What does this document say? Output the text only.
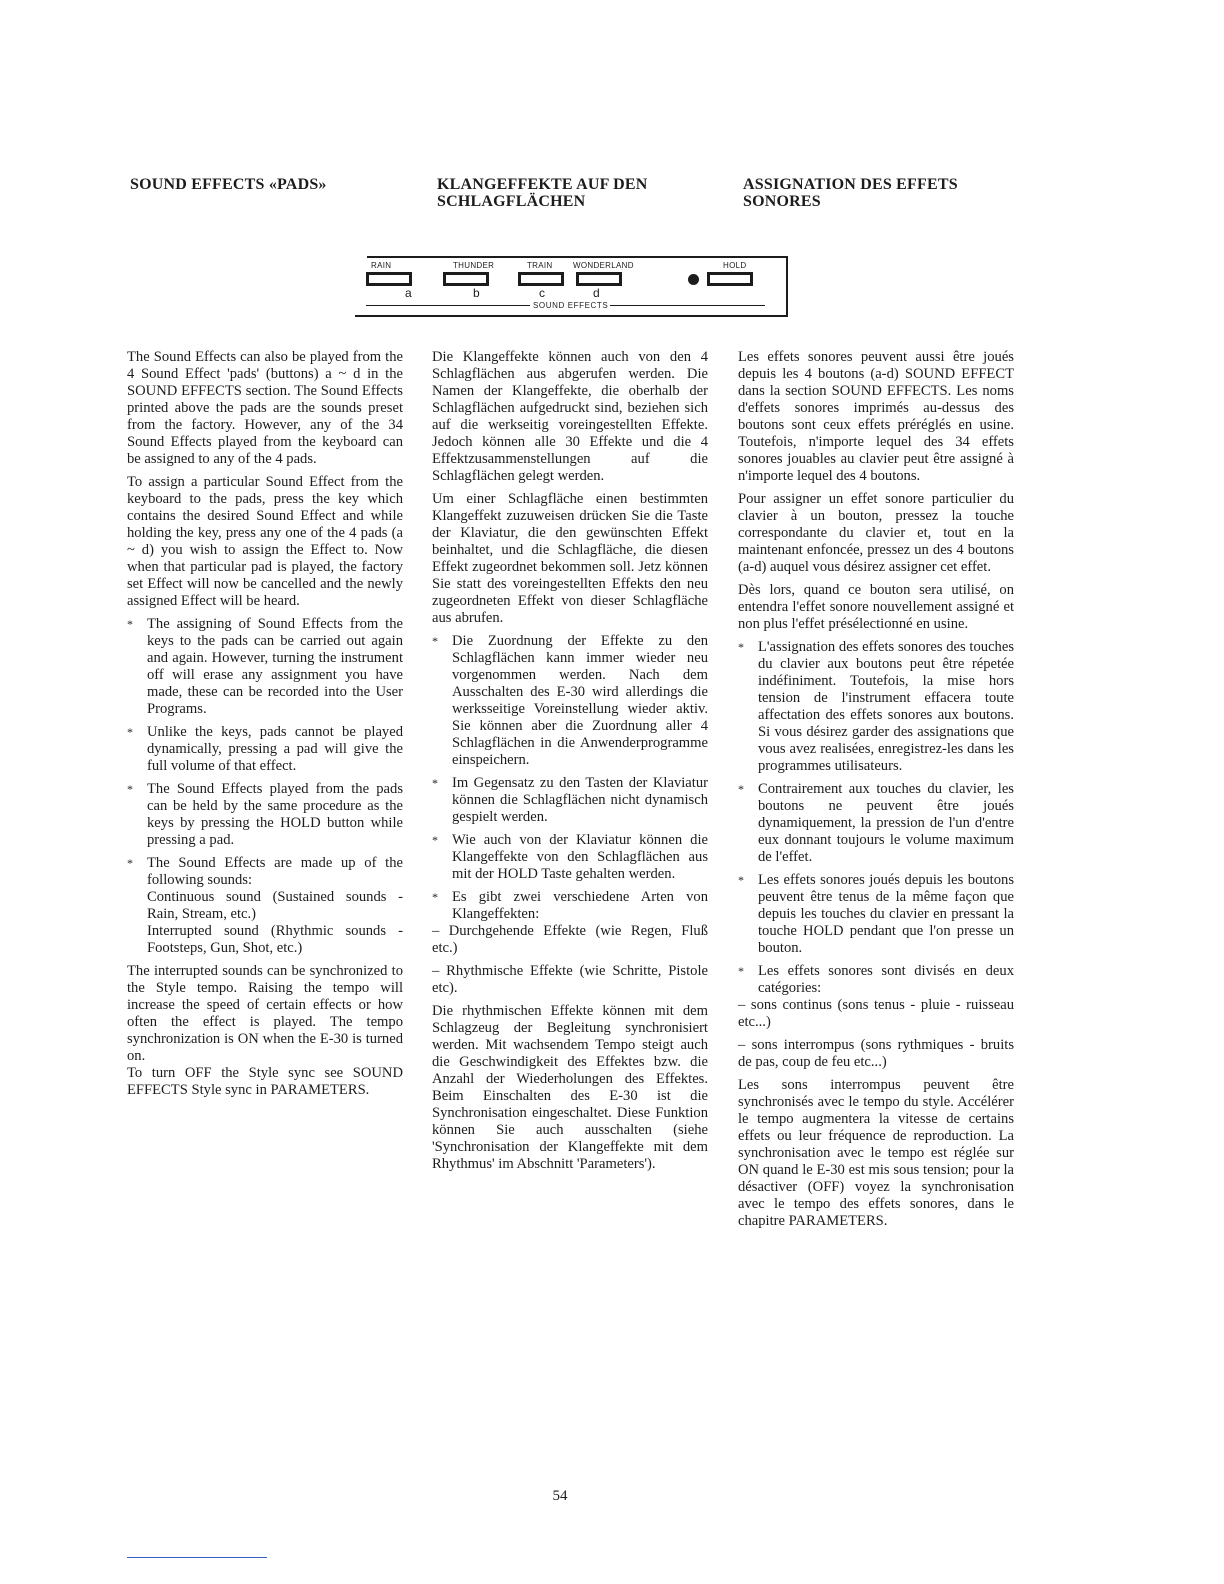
SOUND EFFECTS «PADS»	KLANGEFFEKTE AUF DEN
SCHLAGFLÄCHEN
ASSIGNATION DES EFFETS
SONORES
RAIN	THUNDER	TRAIN	WONDERLAND	HOLD
a	b	c	d
SOUND EFFECTS

The Sound Effects can also be played from the 4 Sound Effect 'pads' (buttons) a ~ d in the SOUND EFFECTS section. The Sound Effects printed above the pads are the sounds preset from the factory. However, any of the 34 Sound Effects played from the keyboard can be assigned to any of the 4 pads.

To assign a particular Sound Effect from the keyboard to the pads, press the key which contains the desired Sound Effect and while holding the key, press any one of the 4 pads (a ~ d) you wish to assign the Effect to. Now when that particular pad is played, the factory set Effect will now be cancelled and the newly assigned Effect will be heard.

* The assigning of Sound Effects from the keys to the pads can be carried out again and again. However, turning the instrument off will erase any assignment you have made, these can be recorded into the User Programs.
* Unlike the keys, pads cannot be played dynamically, pressing a pad will give the full volume of that effect.
* The Sound Effects played from the pads can be held by the same procedure as the keys by pressing the HOLD button while pressing a pad.
* The Sound Effects are made up of the following sounds:
Continuous sound (Sustained sounds - Rain, Stream, etc.)
Interrupted sound (Rhythmic sounds - Footsteps, Gun, Shot, etc.)

The interrupted sounds can be synchronized to the Style tempo. Raising the tempo will increase the speed of certain effects or how often the effect is played. The tempo synchronization is ON when the E-30 is turned on.

To turn OFF the Style sync see SOUND EFFECTS Style sync in PARAMETERS.

Die Klangeffekte können auch von den 4 Schlagflächen aus abgerufen werden. Die Namen der Klangeffekte, die oberhalb der Schlagflächen aufgedruckt sind, beziehen sich auf die werkseitig voreingestellten Effekte. Jedoch können alle 30 Effekte und die 4 Effektzusammenstellungen auf die Schlagflächen gelegt werden.

Um einer Schlagfläche einen bestimmten Klangeffekt zuzuweisen drücken Sie die Taste der Klaviatur, die den gewünschten Effekt beinhaltet, und die Schlagfläche, die diesen Effekt zugeordnet bekommen soll. Jetz können Sie statt des voreingestellten Effekts den neu zugeordneten Effekt von dieser Schlagfläche aus abrufen.

* Die Zuordnung der Effekte zu den Schlagflächen kann immer wieder neu vorgenommen werden. Nach dem Ausschalten des E-30 wird allerdings die werksseitige Voreinstellung wieder aktiv. Sie können aber die Zuordnung aller 4 Schlagflächen in die Anwenderprogramme einspeichern.
* Im Gegensatz zu den Tasten der Klaviatur können die Schlagflächen nicht dynamisch gespielt werden.
* Wie auch von der Klaviatur können die Klangeffekte von den Schlagflächen aus mit der HOLD Taste gehalten werden.
* Es gibt zwei verschiedene Arten von Klangeffekten:

– Durchgehende Effekte (wie Regen, Fluß etc.)

– Rhythmische Effekte (wie Schritte, Pistole etc).

Die rhythmischen Effekte können mit dem Schlagzeug der Begleitung synchronisiert werden. Mit wachsendem Tempo steigt auch die Geschwindigkeit des Effektes bzw. die Anzahl der Wiederholungen des Effektes. Beim Einschalten des E-30 ist die Synchronisation eingeschaltet. Diese Funktion können Sie auch ausschalten (siehe 'Synchronisation der Klangeffekte mit dem Rhythmus' im Abschnitt 'Parameters').

Les effets sonores peuvent aussi être joués depuis les 4 boutons (a-d) SOUND EFFECT dans la section SOUND EFFECTS. Les noms d'effets sonores imprimés au-dessus des boutons sont ceux effets préréglés en usine. Toutefois, n'importe lequel des 34 effets sonores jouables au clavier peut être assigné à n'importe lequel des 4 boutons.

Pour assigner un effet sonore particulier du clavier à un bouton, pressez la touche correspondante du clavier et, tout en la maintenant enfoncée, pressez un des 4 boutons (a-d) auquel vous désirez assigner cet effet.

Dès lors, quand ce bouton sera utilisé, on entendra l'effet sonore nouvellement assigné et non plus l'effet présélectionné en usine.

* L'assignation des effets sonores des touches du clavier aux boutons peut être répetée indéfiniment. Toutefois, la mise hors tension de l'instrument effacera toute affectation des effets sonores aux boutons. Si vous désirez garder des assignations que vous avez realisées, enregistrez-les dans les programmes utilisateurs.
* Contrairement aux touches du clavier, les boutons ne peuvent être joués dynamiquement, la pression de l'un d'entre eux donnant toujours le volume maximum de l'effet.
* Les effets sonores joués depuis les boutons peuvent être tenus de la même façon que depuis les touches du clavier en pressant la touche HOLD pendant que l'on presse un bouton.
* Les effets sonores sont divisés en deux catégories:

– sons continus (sons tenus - pluie - ruisseau etc...)

– sons interrompus (sons rythmiques - bruits de pas, coup de feu etc...)

Les sons interrompus peuvent être synchronisés avec le tempo du style. Accélérer le tempo augmentera la vitesse de certains effets ou leur fréquence de reproduction. La synchronisation avec le tempo est réglée sur ON quand le E-30 est mis sous tension; pour la désactiver (OFF) voyez la synchronisation avec le tempo des effets sonores, dans le chapitre PARAMETERS.

54
